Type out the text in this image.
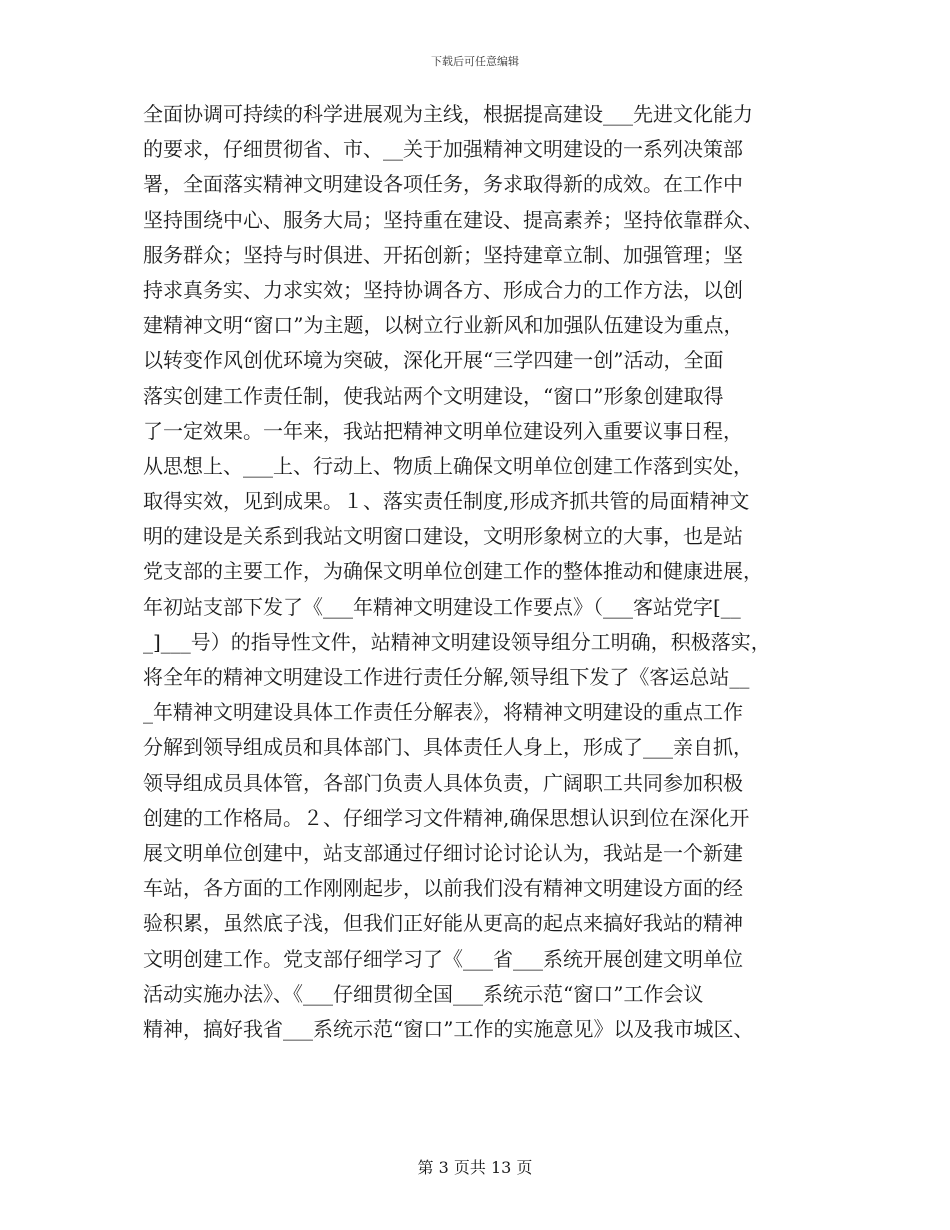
下载后可任意编辑
全面协调可持续的科学进展观为主线，根据提高建设___先进文化能力
的要求，仔细贯彻省、市、__关于加强精神文明建设的一系列决策部
署，全面落实精神文明建设各项任务，务求取得新的成效。在工作中
坚持围绕中心、服务大局；坚持重在建设、提高素养；坚持依靠群众、
服务群众；坚持与时俱进、开拓创新；坚持建章立制、加强管理；坚
持求真务实、力求实效；坚持协调各方、形成合力的工作方法，以创
建精神文明“窗口”为主题，以树立行业新风和加强队伍建设为重点，
以转变作风创优环境为突破，深化开展“三学四建一创”活动，全面
落实创建工作责任制，使我站两个文明建设，“窗口”形象创建取得
了一定效果。一年来，我站把精神文明单位建设列入重要议事日程，
从思想上、___上、行动上、物质上确保文明单位创建工作落到实处，
取得实效，见到成果。１、落实责任制度,形成齐抓共管的局面精神文
明的建设是关系到我站文明窗口建设，文明形象树立的大事，也是站
党支部的主要工作，为确保文明单位创建工作的整体推动和健康进展，
年初站支部下发了《___年精神文明建设工作要点》（___客站党字[__
_]___号）的指导性文件，站精神文明建设领导组分工明确，积极落实，
将全年的精神文明建设工作进行责任分解,领导组下发了《客运总站__
_年精神文明建设具体工作责任分解表》，将精神文明建设的重点工作
分解到领导组成员和具体部门、具体责任人身上，形成了___亲自抓，
领导组成员具体管，各部门负责人具体负责，广阔职工共同参加积极
创建的工作格局。２、仔细学习文件精神,确保思想认识到位在深化开
展文明单位创建中，站支部通过仔细讨论讨论认为，我站是一个新建
车站，各方面的工作刚刚起步，以前我们没有精神文明建设方面的经
验积累，虽然底子浅，但我们正好能从更高的起点来搞好我站的精神
文明创建工作。党支部仔细学习了《___省___系统开展创建文明单位
活动实施办法》、《___仔细贯彻全国___系统示范“窗口”工作会议
精神，搞好我省___系统示范“窗口”工作的实施意见》以及我市城区、
第 3 页共 13 页
